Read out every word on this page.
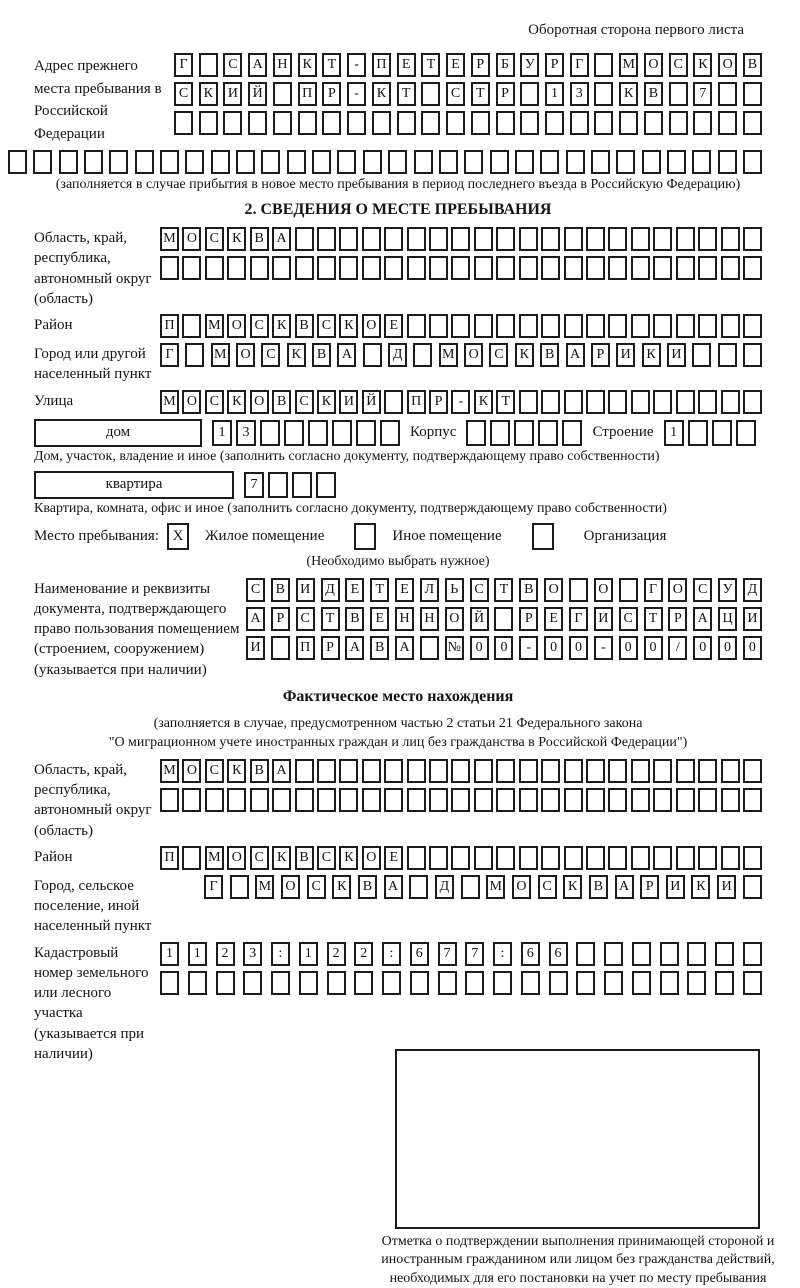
Оборотная сторона первого листа
Адрес прежнего места пребывания в Российской Федерации
Г	С	А	Н	К	Т	-	П	Е	Т	Е	Р	Б	У	Р	Г	М О	С	К	О	В
С	К	И	Й	П	Р	-	К	Т	С	Т	Р	1	3	К	В	7
(заполняется в случае прибытия в новое место пребывания в период последнего въезда в Российскую Федерацию)
2. СВЕДЕНИЯ О МЕСТЕ ПРЕБЫВАНИЯ
Область, край, республика, автономный округ (область)
М О С К В А
Район	П	М О С К В С К О Е
Город или другой населенный пункт
Г	М	О	С	К	В	А	Д	М	О	С	К	В	А	Р	И	К	И
Улица	М О С К О В С К И Й	П Р	-	К Т
дом	1	3	Корпус	Строение	1
Дом, участок, владение и иное (заполнить согласно документу, подтверждающему право собственности)
квартира	7
Квартира, комната, офис и иное (заполнить согласно документу, подтверждающему право собственности)
Место пребывания: X	Жилое помещение	Иное помещение	Организация
(Необходимо выбрать нужное)
Наименование и реквизиты документа, подтверждающего право пользования помещением (строением, сооружением) (указывается при наличии)
С	В	И	Д	Е	Т	Е	Л	Ь	С	Т	В	О	О	Г	О	С	У	Д
А	Р	С	Т	В	Е	Н	Н	О	Й	Р	Е	Г	И	С	Т	Р	А	Ц	И
И	П	Р	А	В	А	№	0	0	-	0	0	-	0	0	/	0	0	0
Фактическое место нахождения
(заполняется в случае, предусмотренном частью 2 статьи 21 Федерального закона
"О миграционном учете иностранных граждан и лиц без гражданства в Российской Федерации")
Область, край, республика, автономный округ (область)
М О С К В А
Район	П	М О С К В С К О Е
Город, сельское поселение, иной населенный пункт
Г	М	О	С	К	В	А	Д	М	О	С	К	В	А	Р	И	К	И
Кадастровый номер земельного или лесного участка (указывается при наличии)
1	1	2	3	:	1	2	2	:	6	7	7	:	6	6
Отметка о подтверждении выполнения принимающей стороной и иностранным гражданином или лицом без гражданства действий, необходимых для его постановки на учет по месту пребывания
